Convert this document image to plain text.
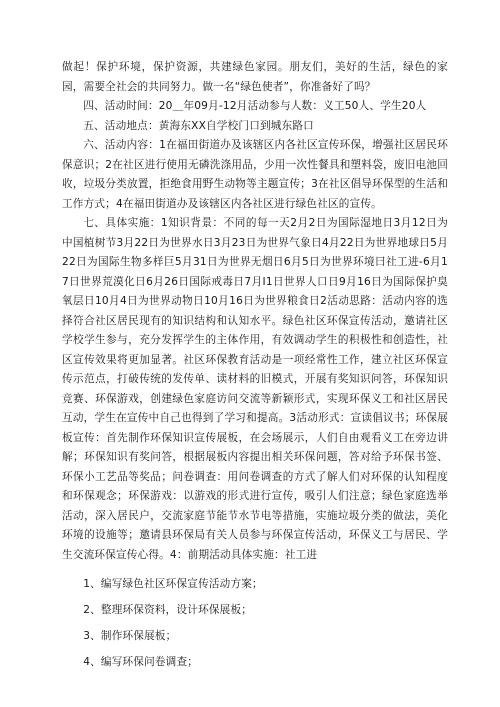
做起！保护环境，保护资源，共建绿色家园。朋友们，美好的生活，绿色的家园，需要全社会的共同努力。做一名“绿色使者”，你准备好了吗？

四、活动时间：20＿年09月-12月活动参与人数：义工50人、学生20人

五、活动地点：黄海东XX自学校门口到城东路口

六、活动内容：1在福田街道办及该辖区内各社区宣传环保，增强社区居民环保意识；2在社区进行使用无磷洗涤用品，少用一次性餐具和塑料袋，废旧电池回收，垃圾分类放置，拒绝食用野生动物等主题宣传；3在社区倡导环保型的生活和工作方式；4在福田街道办及该辖区内各社区进行绿色社区的宣传。

七、具体实施：1知识背景：不同的每一天2月2日为国际湿地日3月12日为中国植树节3月22日为世界水日3月23日为世界气象日4月22日为世界地球日5月22日为国际生物多样巨5月31日为世界无烟日6月5日为世界环境曰社工进-6月17日世界荒漠化日6月26日国际戒毒日7月I1日世界人口日9月16日为国际保护臭氧层日10月4日为世界动物日10月16日为世界粮食日2活动思路：活动内容的选择符合社区居民现有的知识结构和认知水平。绿色社区环保宣传活动，邀请社区学校学生参与，充分发挥学生的主体作用，有效调动学生的积极性和创造性，社区宣传效果将更加显著。社区环保教育活动是一项经常性工作，建立社区环保宣传示范点，打破传统的发传单、读材料的旧模式，开展有奖知识问答，环保知识竞赛、环保游戏，创建绿色家庭访问交流等新颖形式，实现环保义工和社区居民互动，学生在宣传中自己也得到了学习和提高。3活动形式：宣读倡议书；环保展板宣传：首先制作环保知识宣传展板，在会场展示，人们自由观看义工在旁边讲解；环保知识有奖问答，根据展板内容提出相关环保问题，答对给予环保书签、环保小工艺品等奖品；问卷调查：用问卷调查的方式了解人们对环保的认知程度和环保观念；环保游戏：以游戏的形式进行宣传，吸引人们注意；绿色家庭选举活动，深入居民户，交流家庭节能节水节电等措施，实施垃圾分类的做法，美化环境的设施等；邀请县环保局有关人员参与环保宣传活动，环保义工与居民、学生交流环保宣传心得。4：前期活动具体实施：社工进

1、编写绿色社区环保宣传活动方案；

2、整理环保资料，设计环保展板；

3、制作环保展板；

4、编写环保问卷调查；
